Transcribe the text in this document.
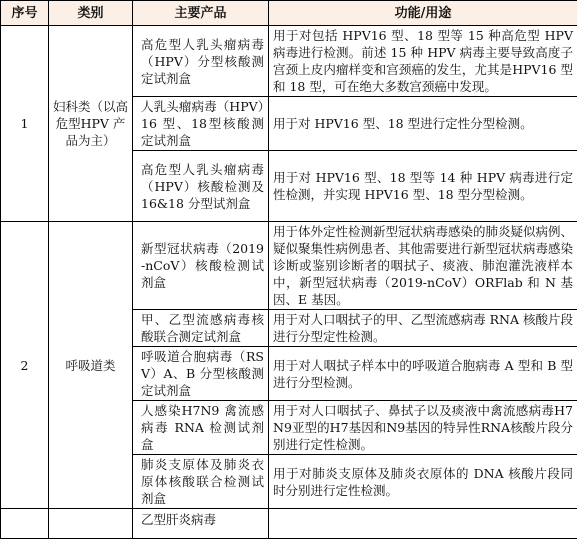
序号	类别	主要产品	功能/用途
1	妇科类（以高危型HPV 产品为主）	高危型人乳头瘤病毒（HPV）分型核酸测定试剂盒	用于对包括 HPV16 型、18 型等 15 种高危型 HPV 病毒进行检测。前述 15 种 HPV 病毒主要导致高度子宫颈上皮内瘤样变和宫颈癌的发生，尤其是HPV16 型和 18 型，可在绝大多数宫颈癌中发现。
		人乳头瘤病毒（HPV）16 型、18型核酸测定试剂盒	用于对 HPV16 型、18 型进行定性分型检测。
		高危型人乳头瘤病毒（HPV）核酸检测及 16&18 分型试剂盒	用于对 HPV16 型、18 型等 14 种 HPV 病毒进行定性检测，并实现 HPV16 型、18 型分型检测。
2	呼吸道类	新型冠状病毒（2019-nCoV）核酸检测试剂盒	用于体外定性检测新型冠状病毒感染的肺炎疑似病例、疑似聚集性病例患者、其他需要进行新型冠状病毒感染诊断或鉴别诊断者的咽拭子、痰液、肺泡灌洗液样本中，新型冠状病毒（2019-nCoV）ORFlab 和 N 基因、E 基因。
		甲、乙型流感病毒核酸联合测定试剂盒	用于对人口咽拭子的甲、乙型流感病毒 RNA 核酸片段进行分型定性检测。
		呼吸道合胞病毒（RSV）A、B 分型核酸测定试剂盒	用于对人咽拭子样本中的呼吸道合胞病毒 A 型和 B 型进行分型检测。
		人感染H7N9 禽流感病毒 RNA 检测试剂盒	用于对人口咽拭子、鼻拭子以及痰液中禽流感病毒H7N9亚型的H7基因和N9基因的特异性RNA核酸片段分别进行定性检测。
		肺炎支原体及肺炎衣原体核酸联合检测试剂盒	用于对肺炎支原体及肺炎衣原体的 DNA 核酸片段同时分别进行定性检测。
		乙型肝炎病毒	
